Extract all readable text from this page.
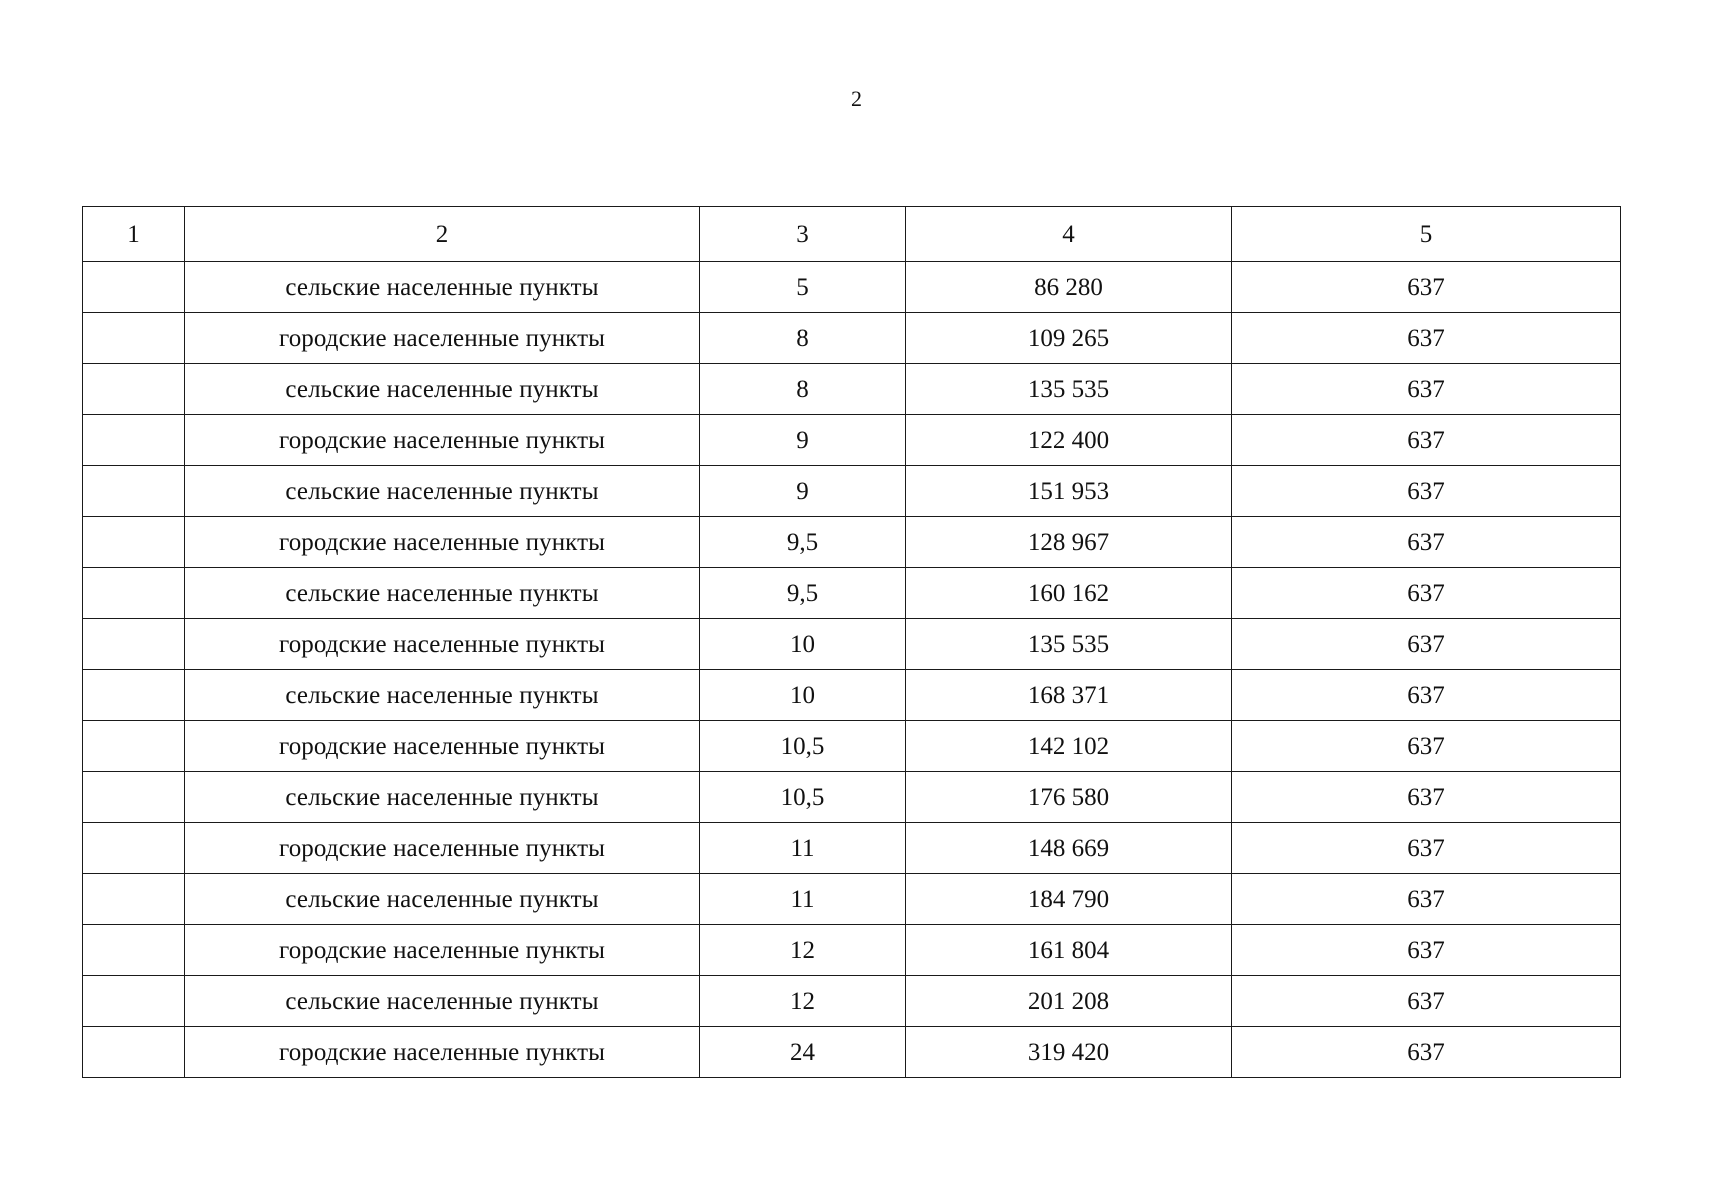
2
1	2	3	4	5
	сельские населенные пункты	5	86 280	637
	городские населенные пункты	8	109 265	637
	сельские населенные пункты	8	135 535	637
	городские населенные пункты	9	122 400	637
	сельские населенные пункты	9	151 953	637
	городские населенные пункты	9,5	128 967	637
	сельские населенные пункты	9,5	160 162	637
	городские населенные пункты	10	135 535	637
	сельские населенные пункты	10	168 371	637
	городские населенные пункты	10,5	142 102	637
	сельские населенные пункты	10,5	176 580	637
	городские населенные пункты	11	148 669	637
	сельские населенные пункты	11	184 790	637
	городские населенные пункты	12	161 804	637
	сельские населенные пункты	12	201 208	637
	городские населенные пункты	24	319 420	637
